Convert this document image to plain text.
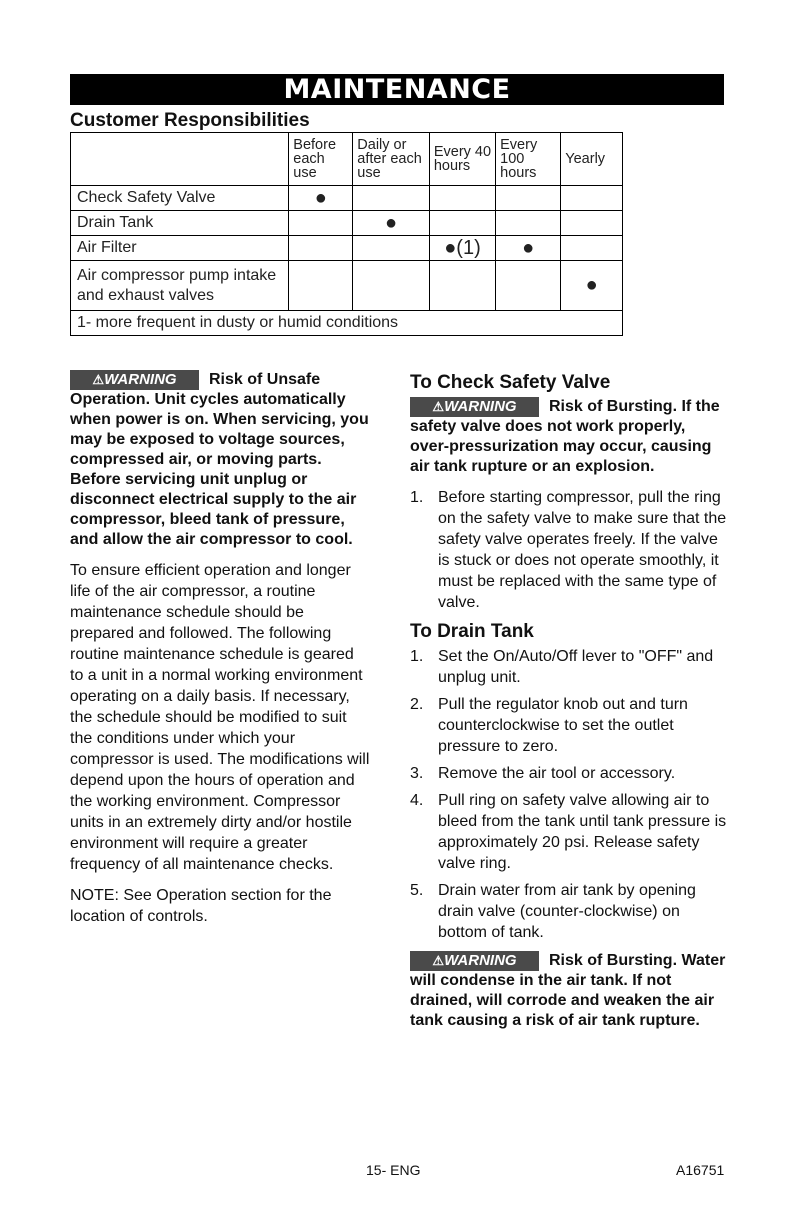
MAINTENANCE
Customer Responsibilities
	Before each use	Daily or after each use	Every 40 hours	Every 100 hours	Yearly
Check Safety Valve	●				
Drain Tank		●			
Air Filter			●(1)	●	
Air compressor pump intake and exhaust valves					●
1- more frequent in dusty or humid conditions					
⚠WARNING Risk of Unsafe Operation. Unit cycles automatically when power is on. When servicing, you may be exposed to voltage sources, compressed air, or moving parts. Before servicing unit unplug or disconnect electrical supply to the air compressor, bleed tank of pressure, and allow the air compressor to cool.

To ensure efficient operation and longer life of the air compressor, a routine maintenance schedule should be prepared and followed. The following routine maintenance schedule is geared to a unit in a normal working environment operating on a daily basis. If necessary, the schedule should be modified to suit the conditions under which your compressor is used. The modifications will depend upon the hours of operation and the working environment. Compressor units in an extremely dirty and/or hostile environment will require a greater frequency of all maintenance checks.

NOTE: See Operation section for the location of controls.

To Check Safety Valve
⚠WARNING Risk of Bursting. If the safety valve does not work properly, over-pressurization may occur, causing air tank rupture or an explosion.
1. Before starting compressor, pull the ring on the safety valve to make sure that the safety valve operates freely. If the valve is stuck or does not operate smoothly, it must be replaced with the same type of valve.
To Drain Tank
1. Set the On/Auto/Off lever to "OFF" and unplug unit.
2. Pull the regulator knob out and turn counterclockwise to set the outlet pressure to zero.
3. Remove the air tool or accessory.
4. Pull ring on safety valve allowing air to bleed from the tank until tank pressure is approximately 20 psi. Release safety valve ring.
5. Drain water from air tank by opening drain valve (counter-clockwise) on bottom of tank.
⚠WARNING Risk of Bursting. Water will condense in the air tank. If not drained, will corrode and weaken the air tank causing a risk of air tank rupture.
15- ENG	A16751
